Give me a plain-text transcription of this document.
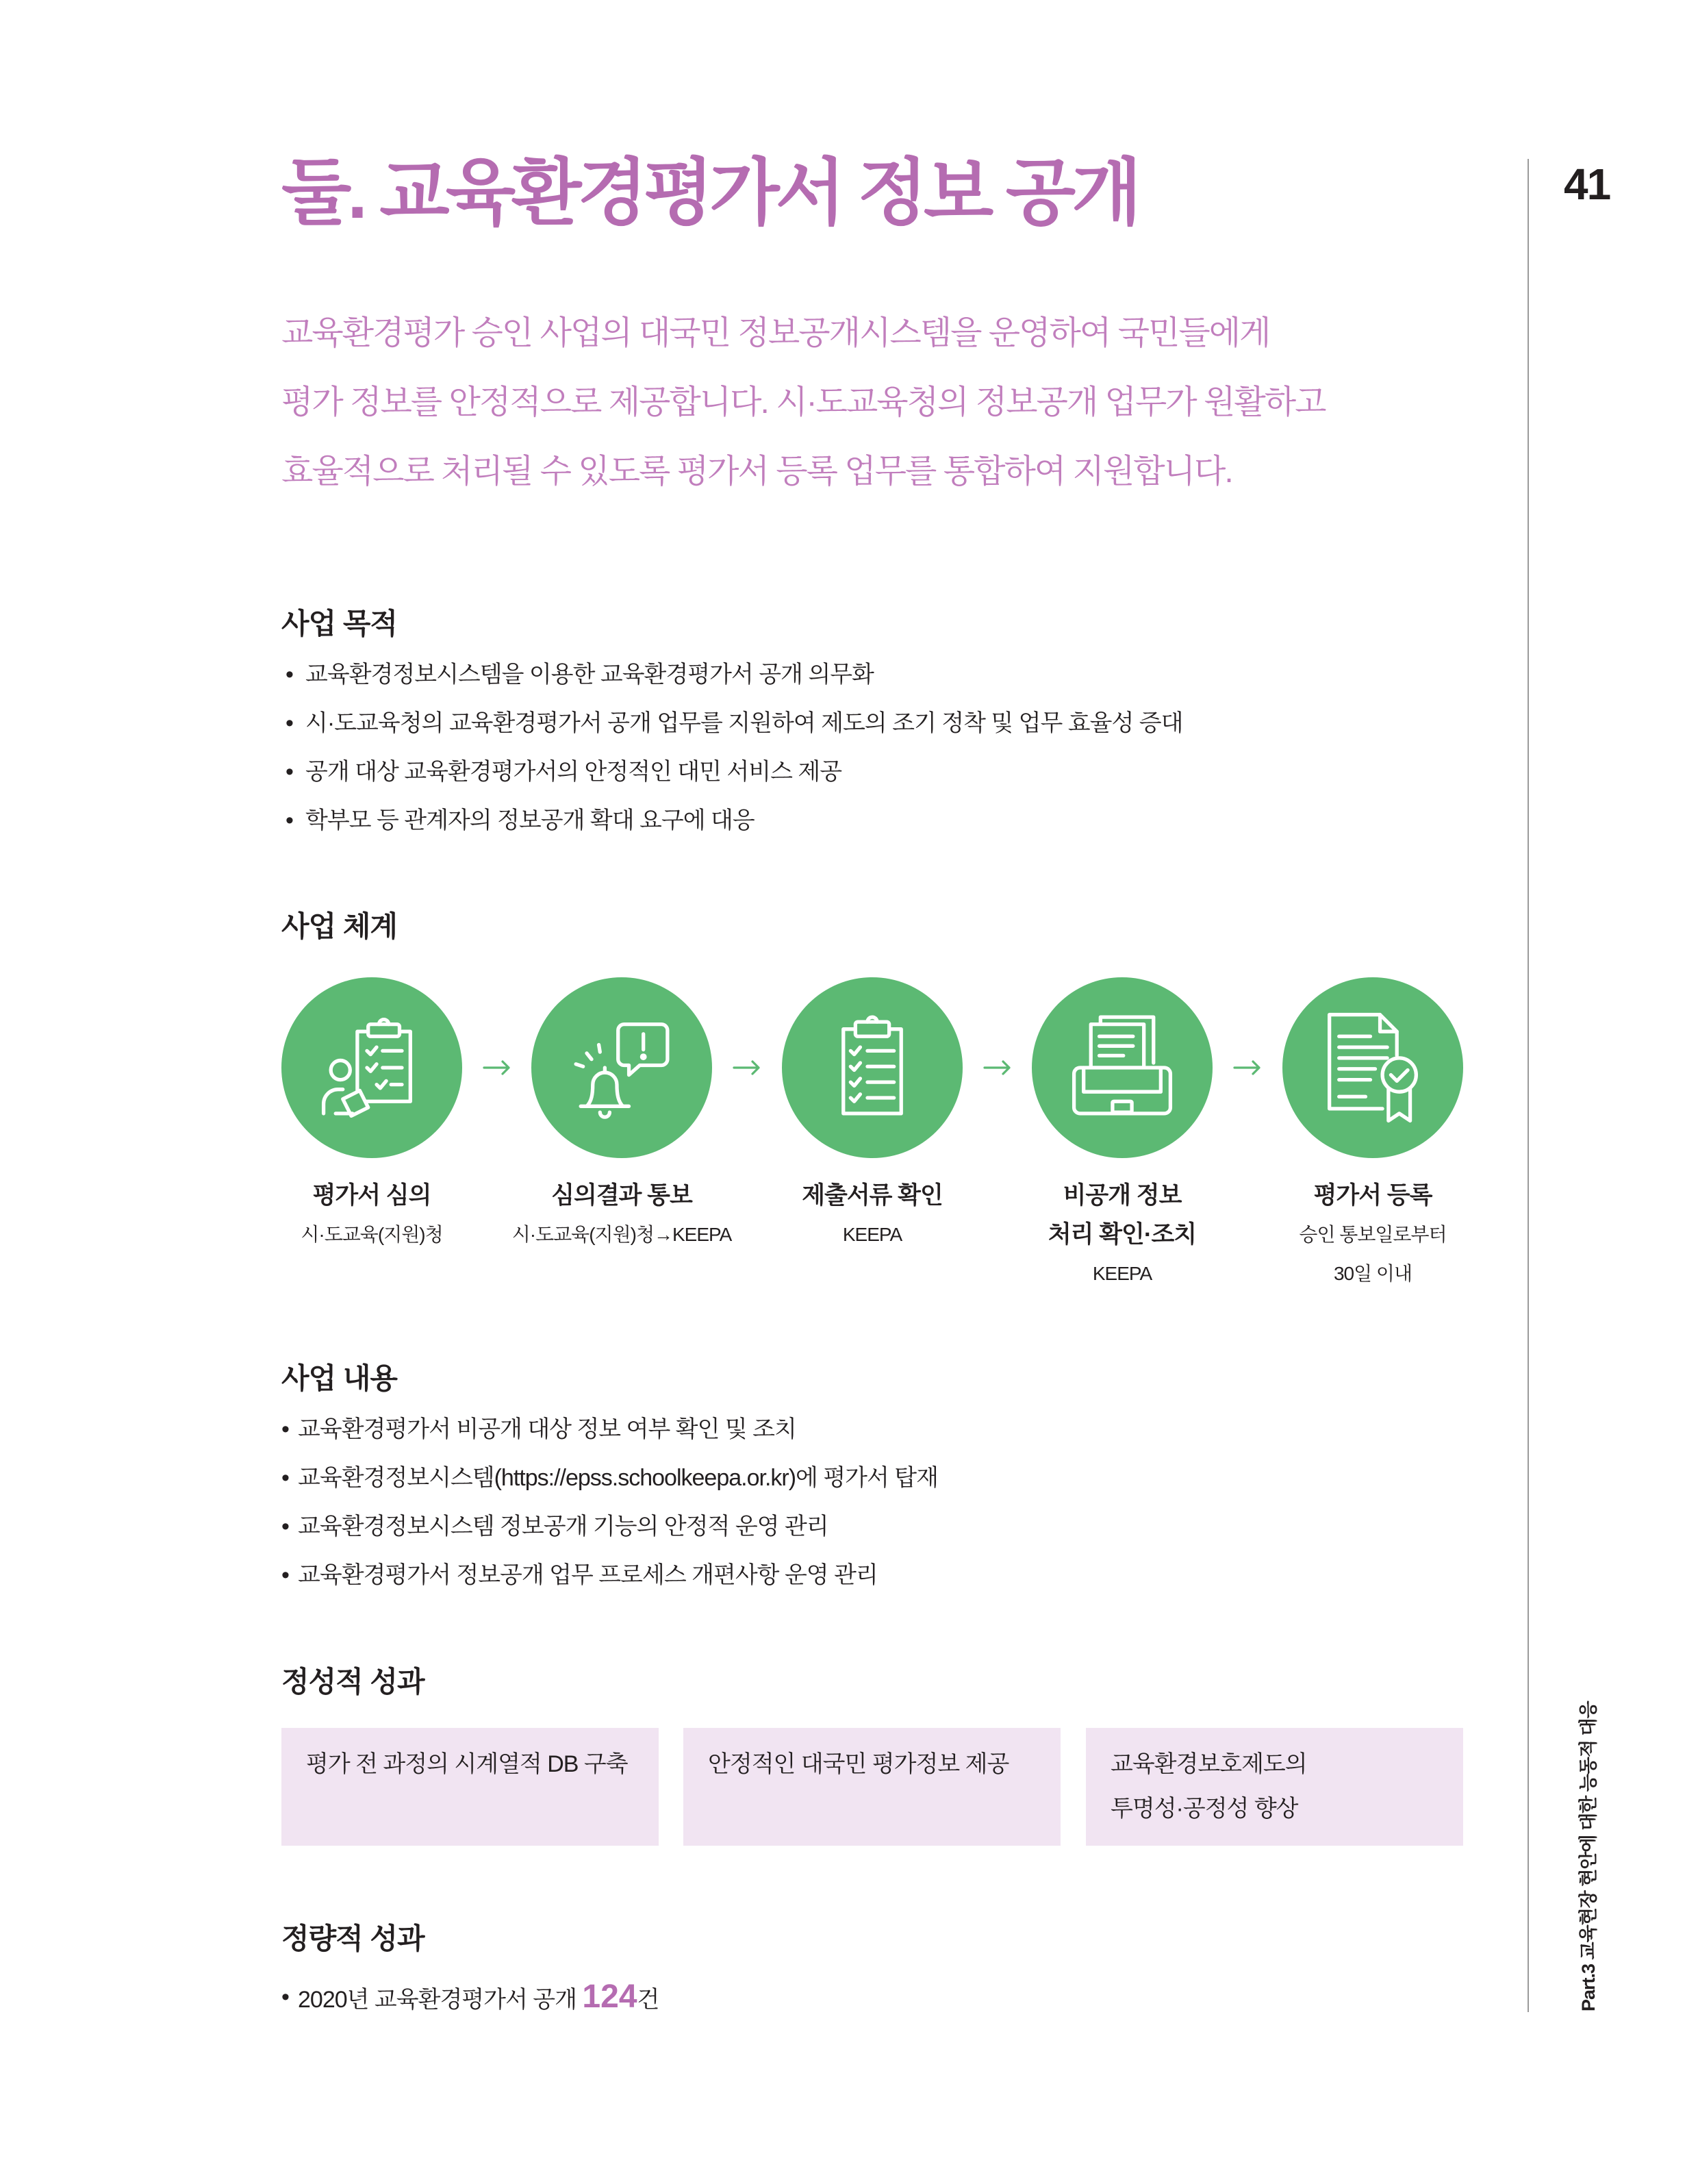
둘. 교육환경평가서 정보 공개	41
Part.3 교육현장 현안에 대한 능동적 대응
교육환경평가 승인 사업의 대국민 정보공개시스템을 운영하여 국민들에게
평가 정보를 안정적으로 제공합니다. 시·도교육청의 정보공개 업무가 원활하고
효율적으로 처리될 수 있도록 평가서 등록 업무를 통합하여 지원합니다.
사업 목적
• 교육환경정보시스템을 이용한 교육환경평가서 공개 의무화
• 시·도교육청의 교육환경평가서 공개 업무를 지원하여 제도의 조기 정착 및 업무 효율성 증대
• 공개 대상 교육환경평가서의 안정적인 대민 서비스 제공
• 학부모 등 관계자의 정보공개 확대 요구에 대응
사업 체계
평가서 심의
시·도교육(지원)청
심의결과 통보
시·도교육(지원)청→KEEPA
제출서류 확인
KEEPA
비공개 정보
처리 확인·조치
KEEPA
평가서 등록
승인 통보일로부터
30일 이내
사업 내용
• 교육환경평가서 비공개 대상 정보 여부 확인 및 조치
• 교육환경정보시스템(https://epss.schoolkeepa.or.kr)에 평가서 탑재
• 교육환경정보시스템 정보공개 기능의 안정적 운영 관리
• 교육환경평가서 정보공개 업무 프로세스 개편사항 운영 관리
정성적 성과
평가 전 과정의 시계열적 DB 구축	안정적인 대국민 평가정보 제공	교육환경보호제도의
투명성·공정성 향상
정량적 성과
• 2020년 교육환경평가서 공개 124건
